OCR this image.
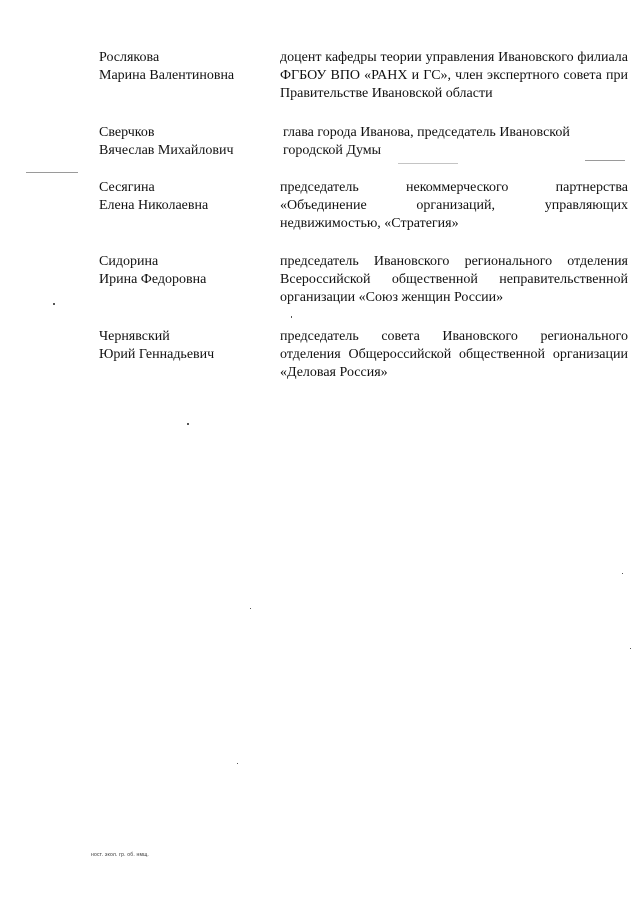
Рослякова
Марина Валентиновна
доцент кафедры теории управления Ивановского филиала ФГБОУ ВПО «РАНХ и ГС», член экспертного совета при Правительстве Ивановской области
Сверчков
Вячеслав Михайлович
глава города Иванова, председатель Ивановской городской Думы
Сесягина
Елена Николаевна
председатель некоммерческого партнерства «Объединение организаций, управляющих недвижимостью, «Стратегия»
Сидорина
Ирина Федоровна
председатель Ивановского регионального отделения Всероссийской общественной неправительственной организации «Союз женщин России»
Чернявский
Юрий Геннадьевич
председатель совета Ивановского регионального отделения Общероссийской общественной организации «Деловая Россия»
ност. экол. гр. об. нмщ.
